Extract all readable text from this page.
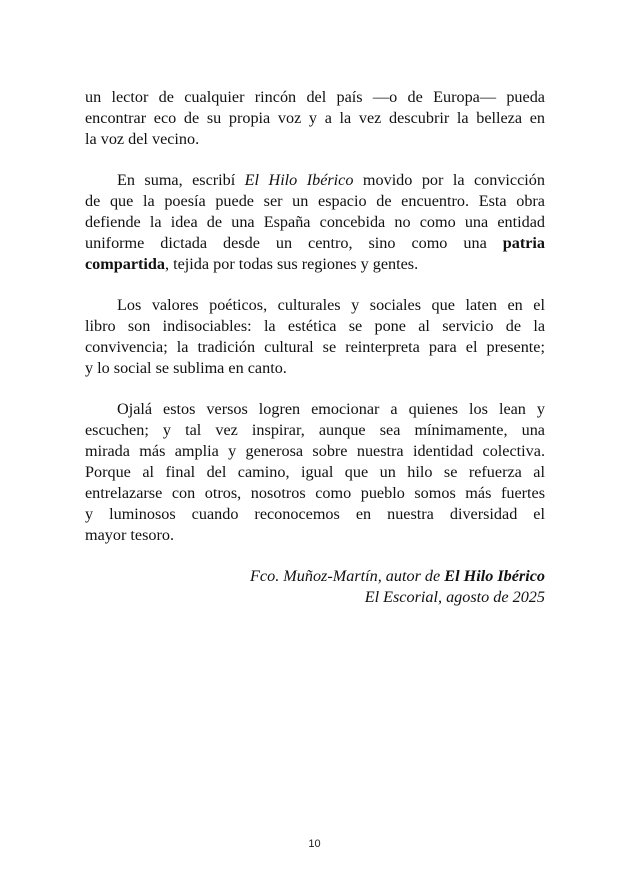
un lector de cualquier rincón del país —o de Europa— pueda
encontrar eco de su propia voz y a la vez descubrir la belleza en
la voz del vecino.

En suma, escribí El Hilo Ibérico movido por la convicción
de que la poesía puede ser un espacio de encuentro. Esta obra
defiende la idea de una España concebida no como una entidad
uniforme dictada desde un centro, sino como una patria
compartida, tejida por todas sus regiones y gentes.

Los valores poéticos, culturales y sociales que laten en el
libro son indisociables: la estética se pone al servicio de la
convivencia; la tradición cultural se reinterpreta para el presente;
y lo social se sublima en canto.

Ojalá estos versos logren emocionar a quienes los lean y
escuchen; y tal vez inspirar, aunque sea mínimamente, una
mirada más amplia y generosa sobre nuestra identidad colectiva.
Porque al final del camino, igual que un hilo se refuerza al
entrelazarse con otros, nosotros como pueblo somos más fuertes
y luminosos cuando reconocemos en nuestra diversidad el
mayor tesoro.

Fco. Muñoz-Martín, autor de El Hilo Ibérico
El Escorial, agosto de 2025
10
